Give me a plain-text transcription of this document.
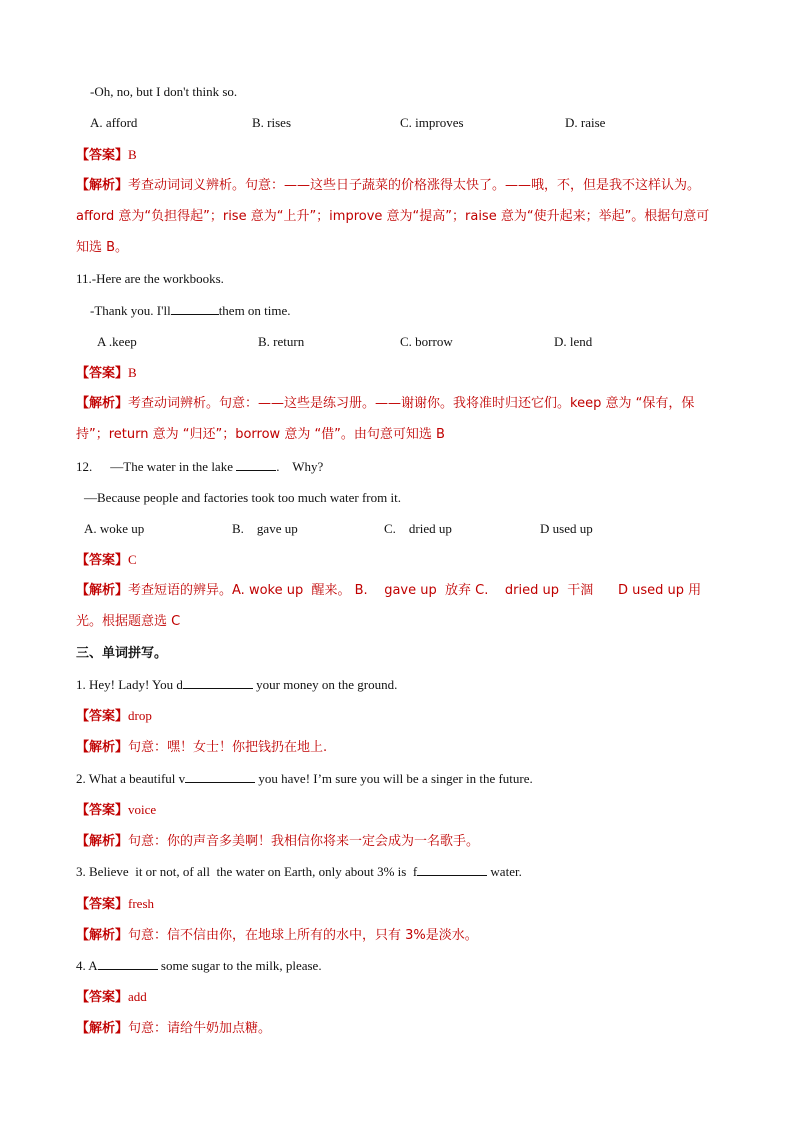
-Oh, no, but I don't think so.
A. afford	B. rises	C. improves	D. raise
【答案】B
【解析】考查动词词义辨析。句意：——这些日子蔬菜的价格涨得太快了。——哦，不，但是我不这样认为。afford 意为“负担得起”；rise 意为“上升”；improve 意为“提高”；raise 意为“使升起来；举起”。根据句意可知选 B。
11.-Here are the workbooks.
-Thank you. I'll	them on time.
A .keep	B. return	C. borrow	D. lend
【答案】B
【解析】考查动词辨析。句意：——这些是练习册。——谢谢你。我将准时归还它们。keep 意为 “保有，保持”；return 意为 “归还”；borrow 意为 “借”。由句意可知选 B
12. —The water in the lake	.    Why?
—Because people and factories took too much water from it.
A. woke up	B.    gave up	C.    dried up	D used up
【答案】C
【解析】考查短语的辨异。A. woke up  醒来。 B.    gave up  放弃 C.    dried up  干涸      D used up 用光。根据题意选 C
三、单词拼写。
1. Hey! Lady! You d	your money on the ground.
【答案】drop
【解析】句意：嘿！女士！你把钱扔在地上.
2. What a beautiful v	you have! I’m sure you will be a singer in the future.
【答案】voice
【解析】句意：你的声音多美啊！我相信你将来一定会成为一名歌手。
3. Believe  it or not, of all  the water on Earth, only about 3% is  f	water.
【答案】fresh
【解析】句意：信不信由你，在地球上所有的水中，只有 3%是淡水。
4. A	some sugar to the milk, please.
【答案】add
【解析】句意：请给牛奶加点糖。
